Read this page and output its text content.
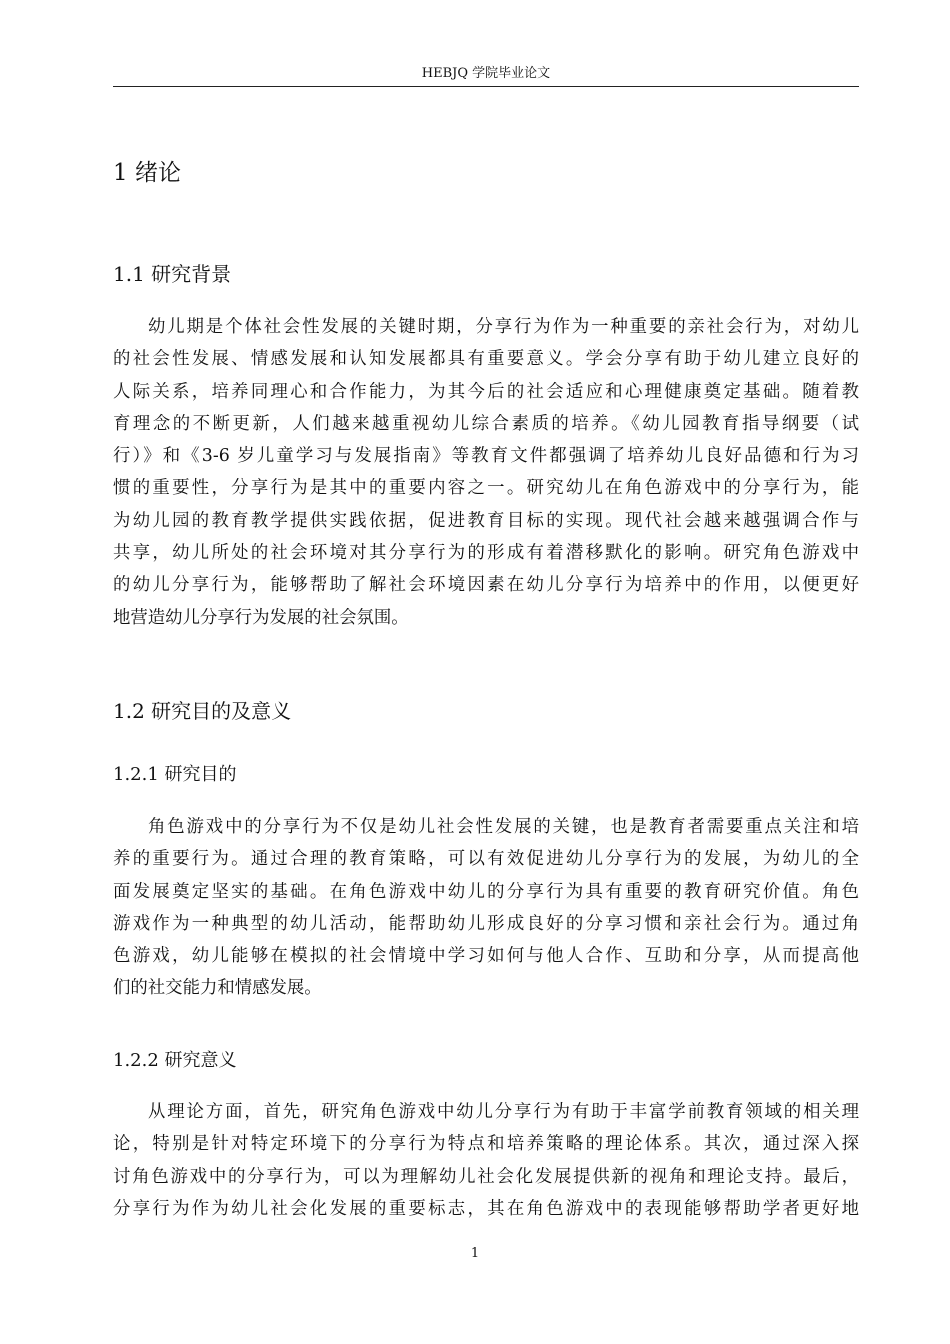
HEBJQ 学院毕业论文
1 绪论
1.1 研究背景
幼儿期是个体社会性发展的关键时期，分享行为作为一种重要的亲社会行为，对幼儿
的社会性发展、情感发展和认知发展都具有重要意义。学会分享有助于幼儿建立良好的
人际关系，培养同理心和合作能力，为其今后的社会适应和心理健康奠定基础。随着教
育理念的不断更新，人们越来越重视幼儿综合素质的培养。《幼儿园教育指导纲要（试
行）》和《3-6 岁儿童学习与发展指南》等教育文件都强调了培养幼儿良好品德和行为习
惯的重要性，分享行为是其中的重要内容之一。研究幼儿在角色游戏中的分享行为，能
为幼儿园的教育教学提供实践依据，促进教育目标的实现。现代社会越来越强调合作与
共享，幼儿所处的社会环境对其分享行为的形成有着潜移默化的影响。研究角色游戏中
的幼儿分享行为，能够帮助了解社会环境因素在幼儿分享行为培养中的作用，以便更好
地营造幼儿分享行为发展的社会氛围。
1.2 研究目的及意义
1.2.1 研究目的
角色游戏中的分享行为不仅是幼儿社会性发展的关键，也是教育者需要重点关注和培
养的重要行为。通过合理的教育策略，可以有效促进幼儿分享行为的发展，为幼儿的全
面发展奠定坚实的基础。在角色游戏中幼儿的分享行为具有重要的教育研究价值。角色
游戏作为一种典型的幼儿活动，能帮助幼儿形成良好的分享习惯和亲社会行为。通过角
色游戏，幼儿能够在模拟的社会情境中学习如何与他人合作、互助和分享，从而提高他
们的社交能力和情感发展。
1.2.2 研究意义
从理论方面，首先，研究角色游戏中幼儿分享行为有助于丰富学前教育领域的相关理
论，特别是针对特定环境下的分享行为特点和培养策略的理论体系。其次，通过深入探
讨角色游戏中的分享行为，可以为理解幼儿社会化发展提供新的视角和理论支持。最后，
分享行为作为幼儿社会化发展的重要标志，其在角色游戏中的表现能够帮助学者更好地
1
